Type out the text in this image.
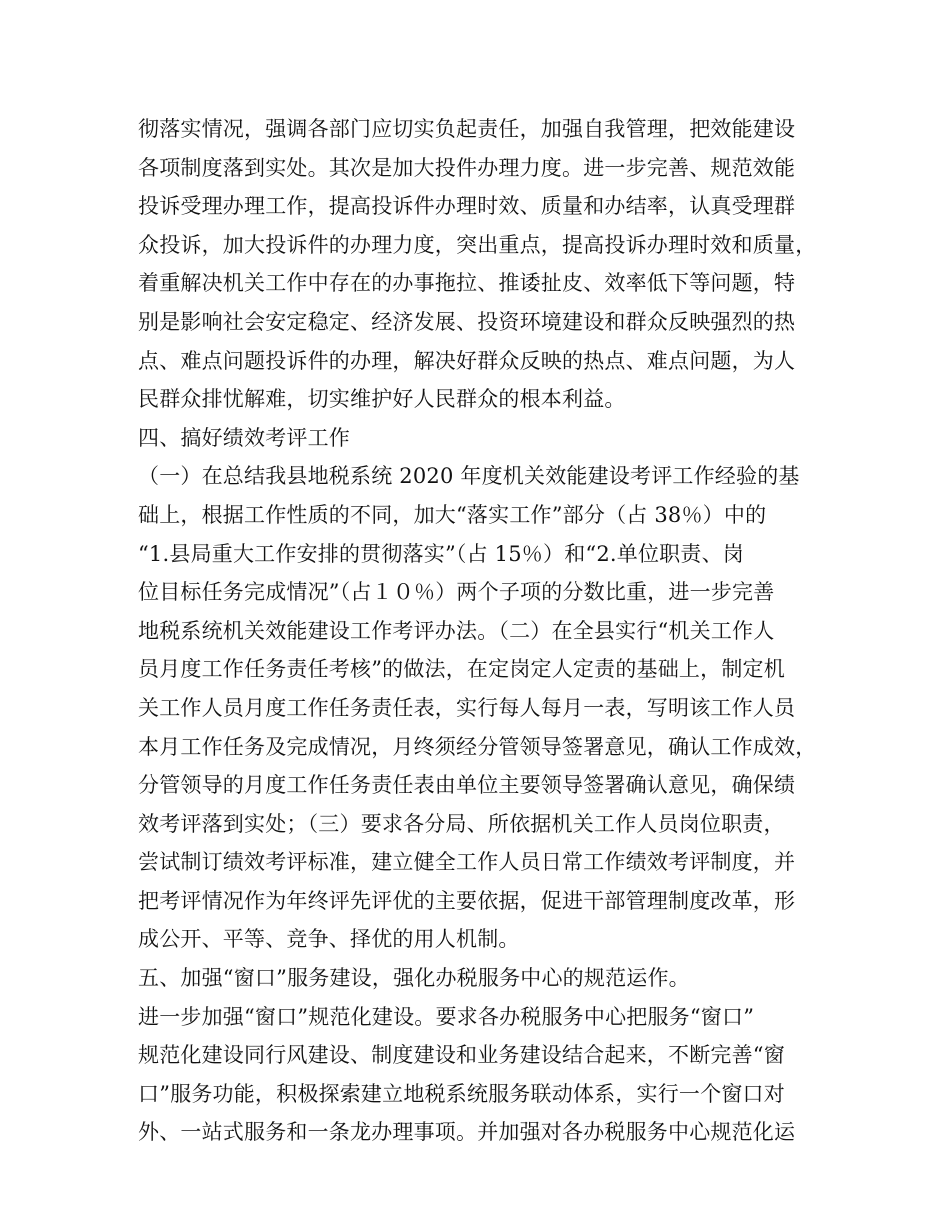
彻落实情况，强调各部门应切实负起责任，加强自我管理，把效能建设
各项制度落到实处。其次是加大投件办理力度。进一步完善、规范效能
投诉受理办理工作，提高投诉件办理时效、质量和办结率，认真受理群
众投诉，加大投诉件的办理力度，突出重点，提高投诉办理时效和质量，
着重解决机关工作中存在的办事拖拉、推诿扯皮、效率低下等问题，特
别是影响社会安定稳定、经济发展、投资环境建设和群众反映强烈的热
点、难点问题投诉件的办理，解决好群众反映的热点、难点问题，为人
民群众排忧解难，切实维护好人民群众的根本利益。
四、搞好绩效考评工作
（一）在总结我县地税系统 2020 年度机关效能建设考评工作经验的基
础上，根据工作性质的不同，加大“落实工作”部分（占 38％）中的
“1.县局重大工作安排的贯彻落实”（占 15％）和“2.单位职责、岗
位目标任务完成情况”（占１０％）两个子项的分数比重，进一步完善
地税系统机关效能建设工作考评办法。（二）在全县实行“机关工作人
员月度工作任务责任考核”的做法，在定岗定人定责的基础上，制定机
关工作人员月度工作任务责任表，实行每人每月一表，写明该工作人员
本月工作任务及完成情况，月终须经分管领导签署意见，确认工作成效，
分管领导的月度工作任务责任表由单位主要领导签署确认意见，确保绩
效考评落到实处；（三）要求各分局、所依据机关工作人员岗位职责，
尝试制订绩效考评标准，建立健全工作人员日常工作绩效考评制度，并
把考评情况作为年终评先评优的主要依据，促进干部管理制度改革，形
成公开、平等、竞争、择优的用人机制。
五、加强“窗口”服务建设，强化办税服务中心的规范运作。
进一步加强“窗口”规范化建设。要求各办税服务中心把服务“窗口”
规范化建设同行风建设、制度建设和业务建设结合起来，不断完善“窗
口”服务功能，积极探索建立地税系统服务联动体系，实行一个窗口对
外、一站式服务和一条龙办理事项。并加强对各办税服务中心规范化运
